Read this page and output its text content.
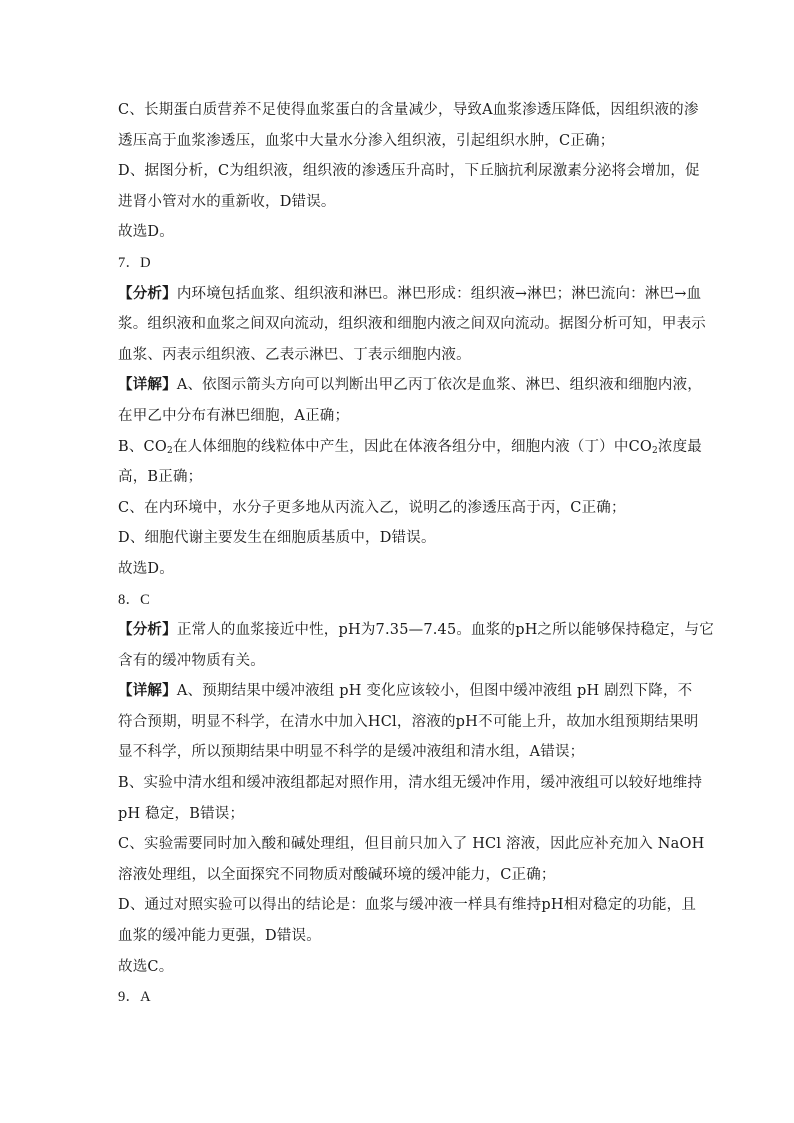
C、长期蛋白质营养不足使得血浆蛋白的含量减少，导致A血浆渗透压降低，因组织液的渗
透压高于血浆渗透压，血浆中大量水分渗入组织液，引起组织水肿，C正确；
D、据图分析，C为组织液，组织液的渗透压升高时，下丘脑抗利尿激素分泌将会增加，促
进肾小管对水的重新收，D错误。
故选D。
7．D
【分析】内环境包括血浆、组织液和淋巴。淋巴形成：组织液→淋巴；淋巴流向：淋巴→血
浆。组织液和血浆之间双向流动，组织液和细胞内液之间双向流动。据图分析可知，甲表示
血浆、丙表示组织液、乙表示淋巴、丁表示细胞内液。
【详解】A、依图示箭头方向可以判断出甲乙丙丁依次是血浆、淋巴、组织液和细胞内液，
在甲乙中分布有淋巴细胞，A正确；
B、$CO_2$在人体细胞的线粒体中产生，因此在体液各组分中，细胞内液（丁）中$CO_2$浓度最
高，B正确；
C、在内环境中，水分子更多地从丙流入乙，说明乙的渗透压高于丙，C正确；
D、细胞代谢主要发生在细胞质基质中，D错误。
故选D。
8．C
【分析】正常人的血浆接近中性，pH为7.35—7.45。血浆的pH之所以能够保持稳定，与它
含有的缓冲物质有关。
【详解】A、预期结果中缓冲液组 pH 变化应该较小，但图中缓冲液组 pH 剧烈下降，不
符合预期，明显不科学，在清水中加入HCl，溶液的pH不可能上升，故加水组预期结果明
显不科学，所以预期结果中明显不科学的是缓冲液组和清水组，A错误；
B、实验中清水组和缓冲液组都起对照作用，清水组无缓冲作用，缓冲液组可以较好地维持
pH 稳定，B错误；
C、实验需要同时加入酸和碱处理组，但目前只加入了 HCl 溶液，因此应补充加入 NaOH
溶液处理组，以全面探究不同物质对酸碱环境的缓冲能力，C正确；
D、通过对照实验可以得出的结论是：血浆与缓冲液一样具有维持pH相对稳定的功能，且
血浆的缓冲能力更强，D错误。
故选C。
9．A
